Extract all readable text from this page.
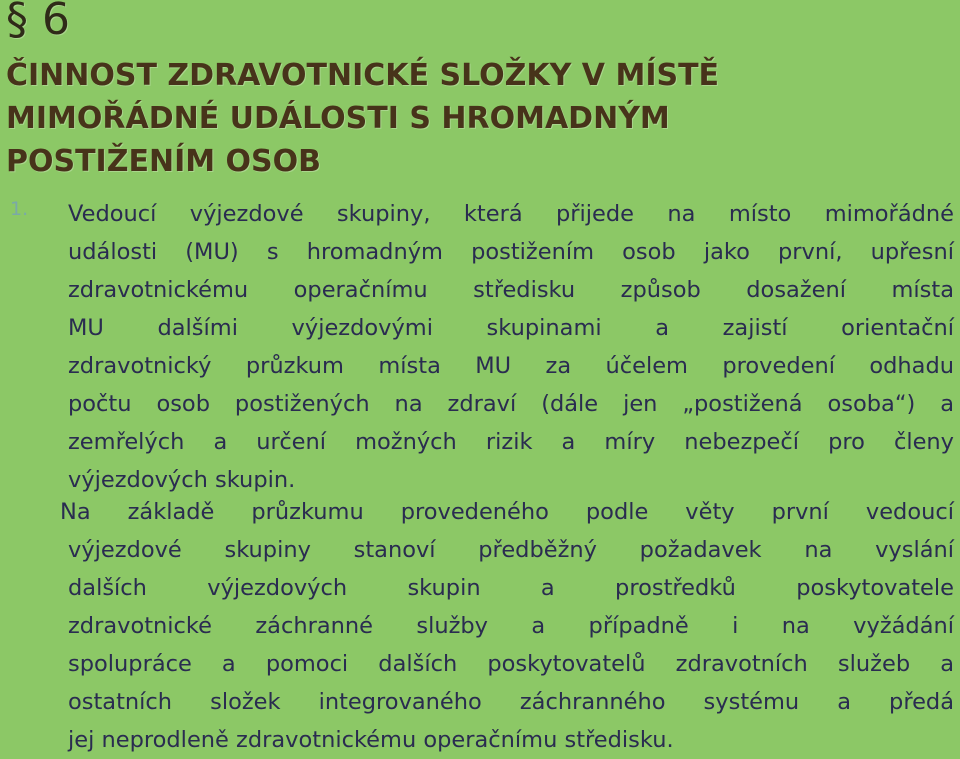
§ 6
ČINNOST ZDRAVOTNICKÉ SLOŽKY V MÍSTĚ
MIMOŘÁDNÉ UDÁLOSTI S HROMADNÝM
POSTIŽENÍM OSOB
1. Vedoucí výjezdové skupiny, která přijede na místo mimořádné
události (MU) s hromadným postižením osob jako první, upřesní
zdravotnickému operačnímu středisku způsob dosažení místa
MU dalšími výjezdovými skupinami a zajistí orientační
zdravotnický průzkum místa MU za účelem provedení odhadu
počtu osob postižených na zdraví (dále jen „postižená osoba“) a
zemřelých a určení možných rizik a míry nebezpečí pro členy
výjezdových skupin.
Na základě průzkumu provedeného podle věty první vedoucí
výjezdové skupiny stanoví předběžný požadavek na vyslání
dalších výjezdových skupin a prostředků poskytovatele
zdravotnické záchranné služby a případně i na vyžádání
spolupráce a pomoci dalších poskytovatelů zdravotních služeb a
ostatních složek integrovaného záchranného systému a předá
jej neprodleně zdravotnickému operačnímu středisku.
